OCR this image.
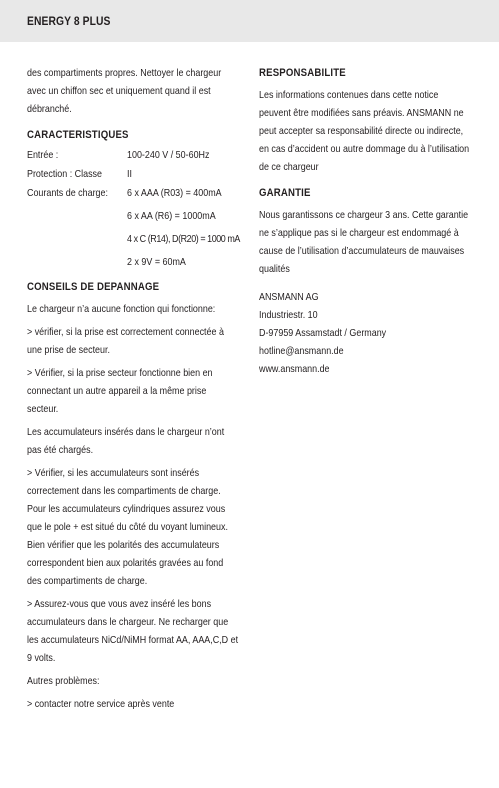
ENERGY 8 PLUS
des compartiments propres. Nettoyer le chargeur avec un chiffon sec et uniquement quand il est débranché.
CARACTERISTIQUES
Entrée :	100-240 V / 50-60Hz
Protection : Classe II
Courants de charge: 6 x AAA (R03) = 400mA
6 x AA (R6) = 1000mA
4 x C (R14), D(R20) = 1000 mA
2 x 9V = 60mA
CONSEILS DE DEPANNAGE
Le chargeur n’a aucune fonction qui fonctionne:
> vérifier, si la prise est correctement connectée à une prise de secteur.
> Vérifier, si la prise secteur fonctionne bien en connectant un autre appareil a la même prise secteur.
Les accumulateurs insérés dans le chargeur n’ont pas été chargés.
> Vérifier, si les accumulateurs sont insérés correctement dans les compartiments de charge. Pour les accumulateurs cylindriques assurez vous que le pole + est situé du côté du voyant lumineux. Bien vérifier que les polarités des accumulateurs correspondent bien aux polarités gravées au fond des compartiments de charge.
> Assurez-vous que vous avez inséré les bons accumulateurs dans le chargeur. Ne recharger que les accumulateurs NiCd/NiMH format AA, AAA,C,D et 9 volts.
Autres problèmes:
> contacter notre service après vente
RESPONSABILITE
Les informations contenues dans cette notice peuvent être modifiées sans préavis. ANSMANN ne peut accepter sa responsabilité directe ou indirecte, en cas d’accident ou autre dommage du à l’utilisation de ce chargeur
GARANTIE
Nous garantissons ce chargeur 3 ans. Cette garantie ne s’applique pas si le chargeur est endommagé à cause de l’utilisation d’accumulateurs de mauvaises qualités
ANSMANN AG
Industriestr. 10
D-97959 Assamstadt / Germany
hotline@ansmann.de
www.ansmann.de
